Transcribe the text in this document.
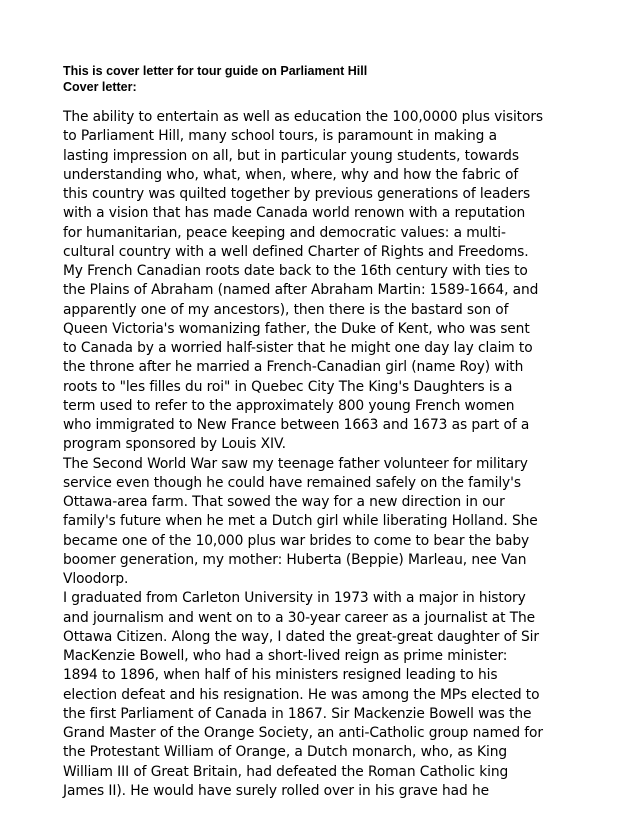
This is cover letter for tour guide on Parliament Hill
Cover letter:
The ability to entertain as well as education the 100,0000 plus visitors
to Parliament Hill, many school tours, is paramount in making a
lasting impression on all, but in particular young students, towards
understanding who, what, when, where, why and how the fabric of
this country was quilted together by previous generations of leaders
with a vision that has made Canada world renown with a reputation
for humanitarian, peace keeping and democratic values: a multi-
cultural country with a well defined Charter of Rights and Freedoms.
My French Canadian roots date back to the 16th century with ties to
the Plains of Abraham (named after Abraham Martin: 1589-1664, and
apparently one of my ancestors), then there is the bastard son of
Queen Victoria's womanizing father, the Duke of Kent, who was sent
to Canada by a worried half-sister that he might one day lay claim to
the throne after he married a French-Canadian girl (name Roy) with
roots to "les filles du roi" in Quebec City The King's Daughters is a
term used to refer to the approximately 800 young French women
who immigrated to New France between 1663 and 1673 as part of a
program sponsored by Louis XIV.
The Second World War saw my teenage father volunteer for military
service even though he could have remained safely on the family's
Ottawa-area farm. That sowed the way for a new direction in our
family's future when he met a Dutch girl while liberating Holland. She
became one of the 10,000 plus war brides to come to bear the baby
boomer generation, my mother: Huberta (Beppie) Marleau, nee Van
Vloodorp.
I graduated from Carleton University in 1973 with a major in history
and journalism and went on to a 30-year career as a journalist at The
Ottawa Citizen. Along the way, I dated the great-great daughter of Sir
MacKenzie Bowell, who had a short-lived reign as prime minister:
1894 to 1896, when half of his ministers resigned leading to his
election defeat and his resignation. He was among the MPs elected to
the first Parliament of Canada in 1867. Sir Mackenzie Bowell was the
Grand Master of the Orange Society, an anti-Catholic group named for
the Protestant William of Orange, a Dutch monarch, who, as King
William III of Great Britain, had defeated the Roman Catholic king
James II). He would have surely rolled over in his grave had he
